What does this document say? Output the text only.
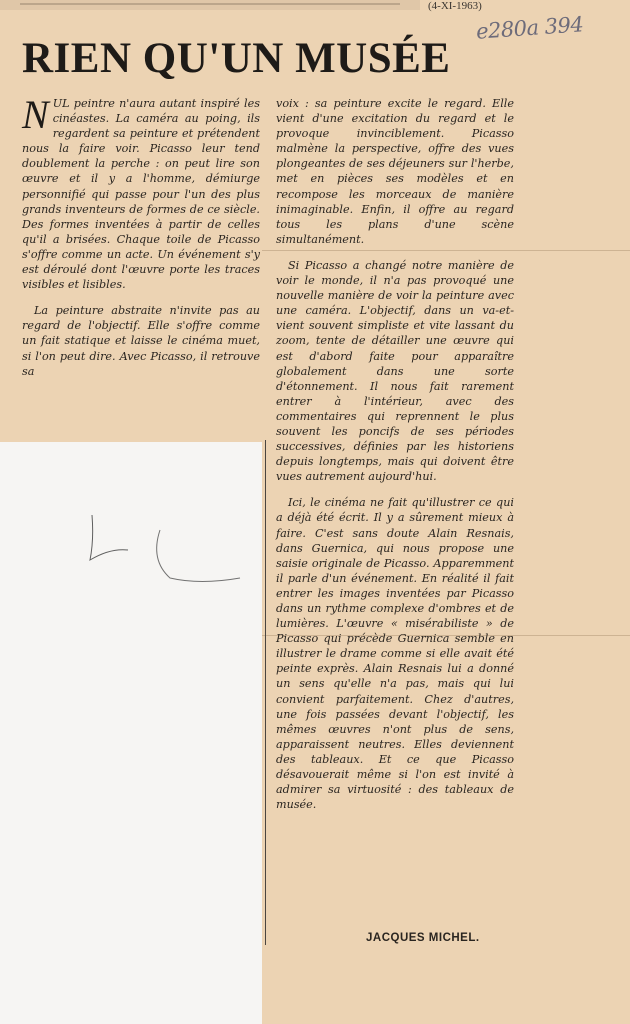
(4-XI-1963)
e280a 394
RIEN QU'UN MUSÉE

NUL peintre n'aura autant inspiré les cinéastes. La caméra au poing, ils regardent sa peinture et prétendent nous la faire voir. Picasso leur tend doublement la perche : on peut lire son œuvre et il y a l'homme, démiurge personnifié qui passe pour l'un des plus grands inventeurs de formes de ce siècle. Des formes inventées à partir de celles qu'il a brisées. Chaque toile de Picasso s'offre comme un acte. Un événement s'y est déroulé dont l'œuvre porte les traces visibles et lisibles.

La peinture abstraite n'invite pas au regard de l'objectif. Elle s'offre comme un fait statique et laisse le cinéma muet, si l'on peut dire. Avec Picasso, il retrouve sa

voix : sa peinture excite le regard. Elle vient d'une excitation du regard et le provoque invinciblement. Picasso malmène la perspective, offre des vues plongeantes de ses déjeuners sur l'herbe, met en pièces ses modèles et en recompose les morceaux de manière inimaginable. Enfin, il offre au regard tous les plans d'une scène simultanément.

Si Picasso a changé notre manière de voir le monde, il n'a pas provoqué une nouvelle manière de voir la peinture avec une caméra. L'objectif, dans un va-et-vient souvent simpliste et vite lassant du zoom, tente de détailler une œuvre qui est d'abord faite pour apparaître globalement dans une sorte d'étonnement. Il nous fait rarement entrer à l'intérieur, avec des commentaires qui reprennent le plus souvent les poncifs de ses périodes successives, définies par les historiens depuis longtemps, mais qui doivent être vues autrement aujourd'hui.

Ici, le cinéma ne fait qu'illustrer ce qui a déjà été écrit. Il y a sûrement mieux à faire. C'est sans doute Alain Resnais, dans Guernica, qui nous propose une saisie originale de Picasso. Apparemment il parle d'un événement. En réalité il fait entrer les images inventées par Picasso dans un rythme complexe d'ombres et de lumières. L'œuvre « misérabiliste » de Picasso qui précède Guernica semble en illustrer le drame comme si elle avait été peinte exprès. Alain Resnais lui a donné un sens qu'elle n'a pas, mais qui lui convient parfaitement. Chez d'autres, une fois passées devant l'objectif, les mêmes œuvres n'ont plus de sens, apparaissent neutres. Elles deviennent des tableaux. Et ce que Picasso désavouerait même si l'on est invité à admirer sa virtuosité : des tableaux de musée.

JACQUES MICHEL.
